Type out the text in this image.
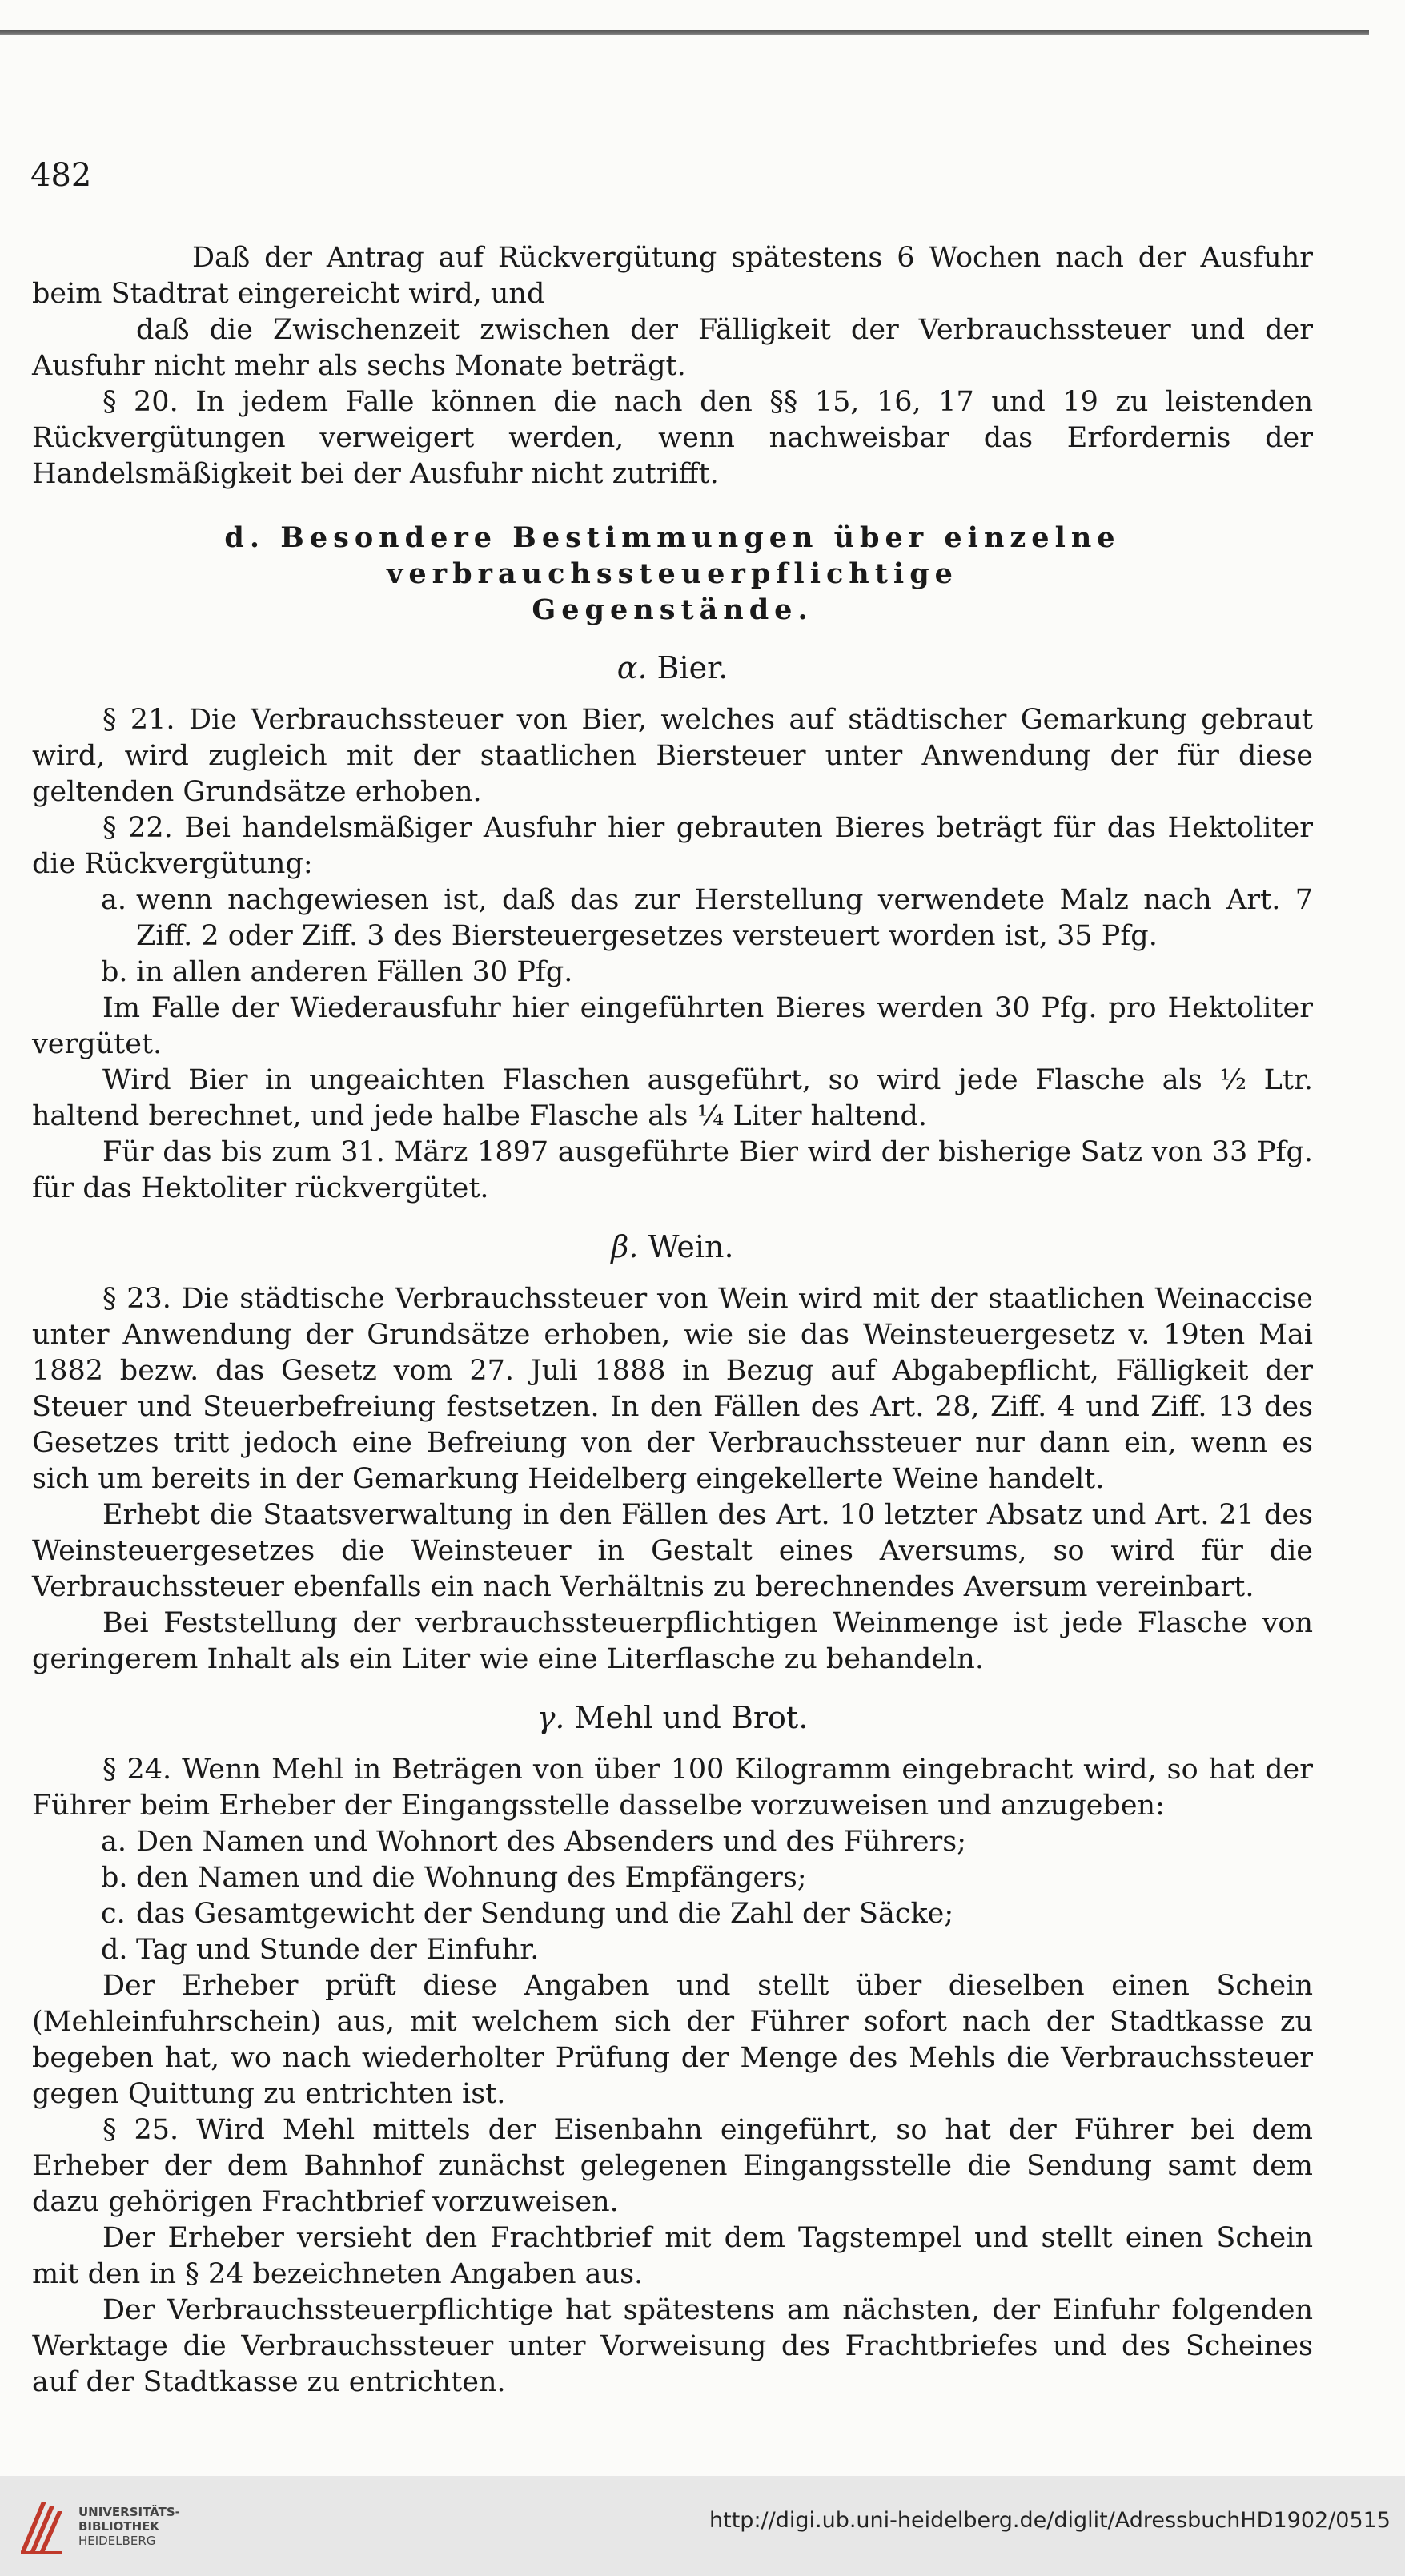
482

Daß der Antrag auf Rückvergütung spätestens 6 Wochen nach der Ausfuhr beim Stadtrat eingereicht wird, und

daß die Zwischenzeit zwischen der Fälligkeit der Verbrauchssteuer und der Ausfuhr nicht mehr als sechs Monate beträgt.

§ 20. In jedem Falle können die nach den §§ 15, 16, 17 und 19 zu leistenden Rückvergütungen verweigert werden, wenn nachweisbar das Erfordernis der Handelsmäßigkeit bei der Ausfuhr nicht zutrifft.

d. Besondere Bestimmungen über einzelne verbrauchssteuerpflichtige
Gegenstände.

α. Bier.

§ 21. Die Verbrauchssteuer von Bier, welches auf städtischer Gemarkung gebraut wird, wird zugleich mit der staatlichen Biersteuer unter Anwendung der für diese geltenden Grundsätze erhoben.

§ 22. Bei handelsmäßiger Ausfuhr hier gebrauten Bieres beträgt für das Hektoliter die Rückvergütung:

a. wenn nachgewiesen ist, daß das zur Herstellung verwendete Malz nach Art. 7 Ziff. 2 oder Ziff. 3 des Biersteuergesetzes versteuert worden ist, 35 Pfg.

b. in allen anderen Fällen 30 Pfg.

Im Falle der Wiederausfuhr hier eingeführten Bieres werden 30 Pfg. pro Hektoliter vergütet.

Wird Bier in ungeaichten Flaschen ausgeführt, so wird jede Flasche als ½ Ltr. haltend berechnet, und jede halbe Flasche als ¼ Liter haltend.

Für das bis zum 31. März 1897 ausgeführte Bier wird der bisherige Satz von 33 Pfg. für das Hektoliter rückvergütet.

β. Wein.

§ 23. Die städtische Verbrauchssteuer von Wein wird mit der staatlichen Weinaccise unter Anwendung der Grundsätze erhoben, wie sie das Weinsteuergesetz v. 19ten Mai 1882 bezw. das Gesetz vom 27. Juli 1888 in Bezug auf Abgabepflicht, Fälligkeit der Steuer und Steuerbefreiung festsetzen. In den Fällen des Art. 28, Ziff. 4 und Ziff. 13 des Gesetzes tritt jedoch eine Befreiung von der Verbrauchssteuer nur dann ein, wenn es sich um bereits in der Gemarkung Heidelberg eingekellerte Weine handelt.

Erhebt die Staatsverwaltung in den Fällen des Art. 10 letzter Absatz und Art. 21 des Weinsteuergesetzes die Weinsteuer in Gestalt eines Aversums, so wird für die Verbrauchssteuer ebenfalls ein nach Verhältnis zu berechnendes Aversum vereinbart.

Bei Feststellung der verbrauchssteuerpflichtigen Weinmenge ist jede Flasche von geringerem Inhalt als ein Liter wie eine Literflasche zu behandeln.

γ. Mehl und Brot.

§ 24. Wenn Mehl in Beträgen von über 100 Kilogramm eingebracht wird, so hat der Führer beim Erheber der Eingangsstelle dasselbe vorzuweisen und anzugeben:

a. Den Namen und Wohnort des Absenders und des Führers;

b. den Namen und die Wohnung des Empfängers;

c. das Gesamtgewicht der Sendung und die Zahl der Säcke;

d. Tag und Stunde der Einfuhr.

Der Erheber prüft diese Angaben und stellt über dieselben einen Schein (Mehleinfuhrschein) aus, mit welchem sich der Führer sofort nach der Stadtkasse zu begeben hat, wo nach wiederholter Prüfung der Menge des Mehls die Verbrauchssteuer gegen Quittung zu entrichten ist.

§ 25. Wird Mehl mittels der Eisenbahn eingeführt, so hat der Führer bei dem Erheber der dem Bahnhof zunächst gelegenen Eingangsstelle die Sendung samt dem dazu gehörigen Frachtbrief vorzuweisen.

Der Erheber versieht den Frachtbrief mit dem Tagstempel und stellt einen Schein mit den in § 24 bezeichneten Angaben aus.

Der Verbrauchssteuerpflichtige hat spätestens am nächsten, der Einfuhr folgenden Werktage die Verbrauchssteuer unter Vorweisung des Frachtbriefes und des Scheines auf der Stadtkasse zu entrichten.

UNIVERSITÄTS-
BIBLIOTHEK
HEIDELBERG
http://digi.ub.uni-heidelberg.de/diglit/AdressbuchHD1902/0515
